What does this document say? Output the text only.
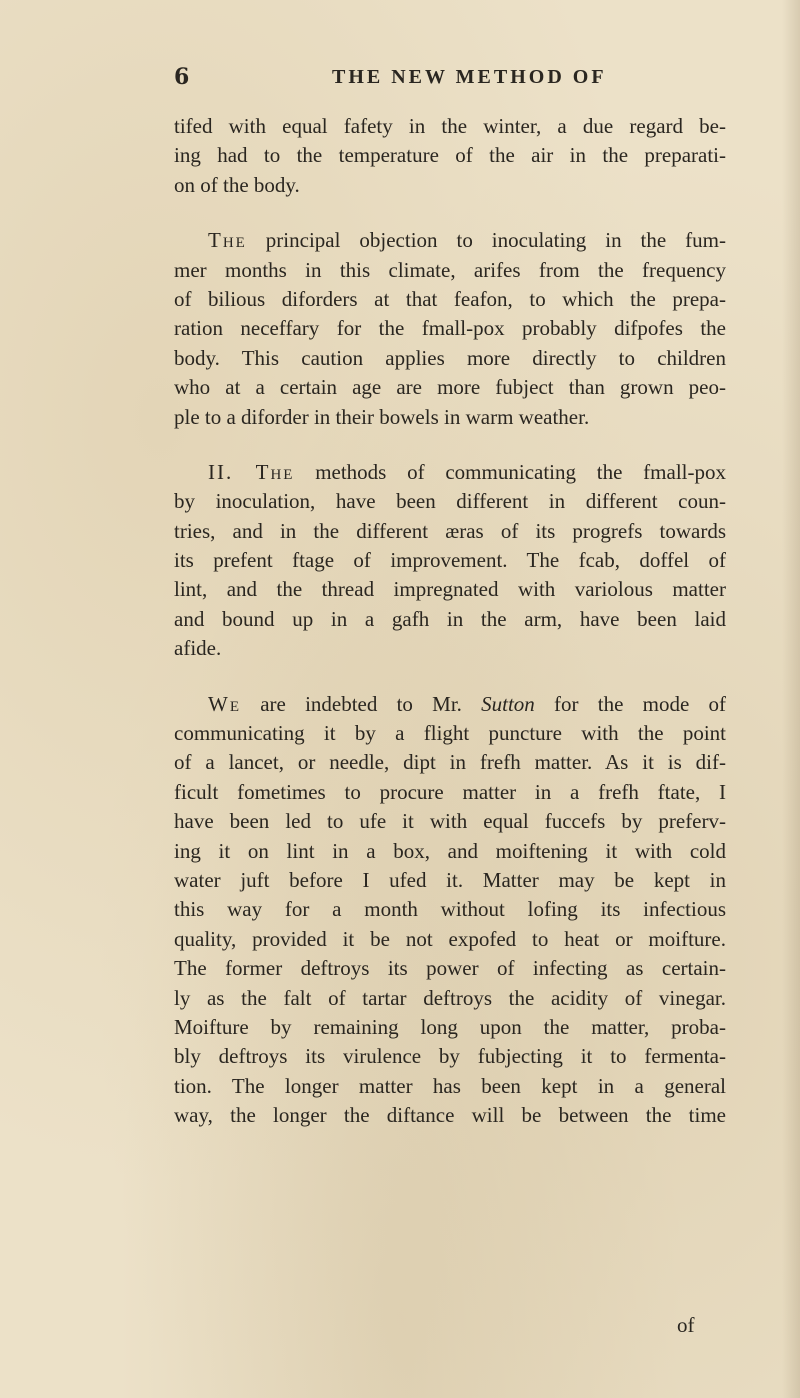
6	THE NEW METHOD OF
tifed with equal fafety in the winter, a due regard be-
ing had to the temperature of the air in the preparati-
on of the body.
The principal objection to inoculating in the fum-
mer months in this climate, arifes from the frequency
of bilious diforders at that feafon, to which the prepa-
ration neceffary for the fmall-pox probably difpofes the
body. This caution applies more directly to children
who at a certain age are more fubject than grown peo-
ple to a diforder in their bowels in warm weather.
II. The methods of communicating the fmall-pox
by inoculation, have been different in different coun-
tries, and in the different æras of its progrefs towards
its prefent ftage of improvement. The fcab, doffel of
lint, and the thread impregnated with variolous matter
and bound up in a gafh in the arm, have been laid
afide.
We are indebted to Mr. Sutton for the mode of
communicating it by a flight puncture with the point
of a lancet, or needle, dipt in frefh matter. As it is dif-
ficult fometimes to procure matter in a frefh ftate, I
have been led to ufe it with equal fuccefs by preferv-
ing it on lint in a box, and moiftening it with cold
water juft before I ufed it. Matter may be kept in
this way for a month without lofing its infectious
quality, provided it be not expofed to heat or moifture.
The former deftroys its power of infecting as certain-
ly as the falt of tartar deftroys the acidity of vinegar.
Moifture by remaining long upon the matter, proba-
bly deftroys its virulence by fubjecting it to fermenta-
tion. The longer matter has been kept in a general
way, the longer the diftance will be between the time
of
